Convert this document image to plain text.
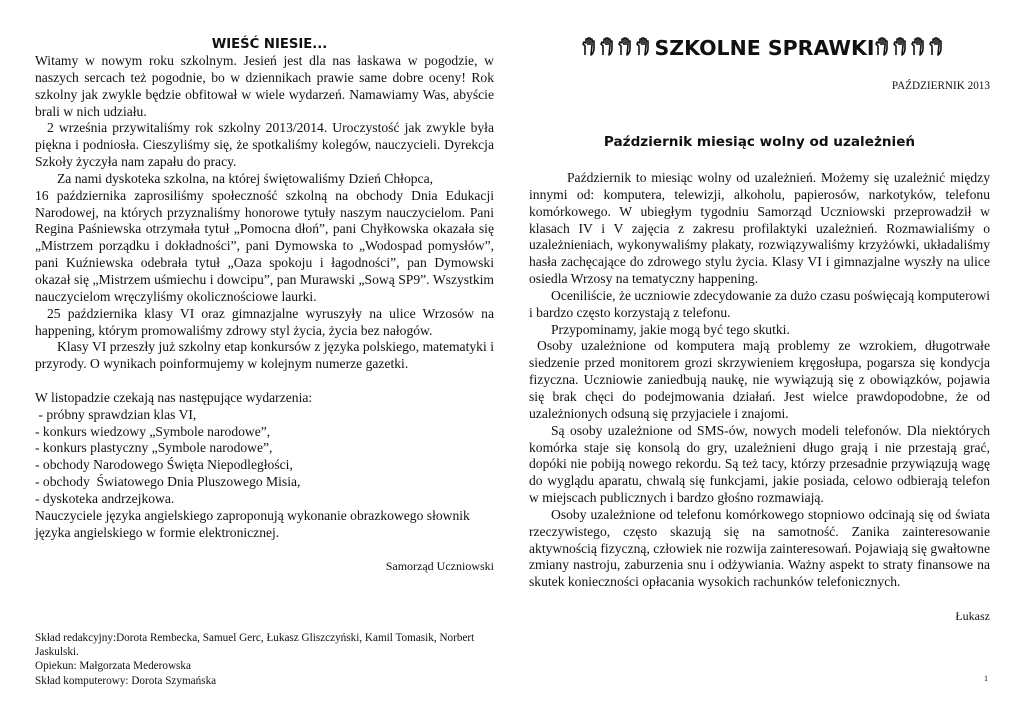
WIEŚĆ NIESIE...

Witamy w nowym roku szkolnym. Jesień jest dla nas łaskawa w pogodzie, w naszych sercach też pogodnie, bo w dziennikach prawie same dobre oceny! Rok szkolny jak zwykle będzie obfitował w wiele wydarzeń. Namawiamy Was, abyście brali w nich udziału.

2 września przywitaliśmy rok szkolny 2013/2014. Uroczystość jak zwykle była piękna i podniosła. Cieszyliśmy się, że spotkaliśmy kolegów, nauczycieli. Dyrekcja Szkoły życzyła nam zapału do pracy.

Za nami dyskoteka szkolna, na której świętowaliśmy Dzień Chłopca,

16 października zaprosiliśmy społeczność szkolną na obchody Dnia Edukacji Narodowej, na których przyznaliśmy honorowe tytuły naszym nauczycielom. Pani Regina Paśniewska otrzymała tytuł „Pomocna dłoń”, pani Chyłkowska okazała się „Mistrzem porządku i dokładności”, pani Dymowska to „Wodospad pomysłów”, pani Kuźniewska odebrała tytuł „Oaza spokoju i łagodności”, pan Dymowski okazał się „Mistrzem uśmiechu i dowcipu”, pan Murawski „Sową SP9”. Wszystkim nauczycielom wręczyliśmy okolicznościowe laurki.

25 października klasy VI oraz gimnazjalne wyruszyły na ulice Wrzosów na happening, którym promowaliśmy zdrowy styl życia, życia bez nałogów.

Klasy VI przeszły już szkolny etap konkursów z języka polskiego, matematyki i przyrody. O wynikach poinformujemy w kolejnym numerze gazetki.

W listopadzie czekają nas następujące wydarzenia:

- próbny sprawdzian klas VI,

- konkurs wiedzowy „Symbole narodowe”,

- konkurs plastyczny „Symbole narodowe”,

- obchody Narodowego Święta Niepodległości,

- obchody  Światowego Dnia Pluszowego Misia,

- dyskoteka andrzejkowa.

Nauczyciele języka angielskiego zaproponują wykonanie obrazkowego słownik języka angielskiego w formie elektronicznej.

Samorząd Uczniowski

Skład redakcyjny:Dorota Rembecka, Samuel Gerc, Łukasz Gliszczyński, Kamil Tomasik, Norbert Jaskulski.

Opiekun: Małgorzata Mederowska

Skład komputerowy: Dorota Szymańska

SZKOLNE SPRAWKI

PAŹDZIERNIK 2013

Październik miesiąc wolny od uzależnień

Październik to miesiąc wolny od uzależnień. Możemy się uzależnić między innymi od: komputera, telewizji, alkoholu, papierosów, narkotyków, telefonu komórkowego. W ubiegłym tygodniu Samorząd Uczniowski przeprowadził w klasach IV i V zajęcia z zakresu profilaktyki uzależnień. Rozmawialiśmy o uzależnieniach, wykonywaliśmy plakaty, rozwiązywaliśmy krzyżówki, układaliśmy hasła zachęcające do zdrowego stylu życia. Klasy VI i gimnazjalne wyszły na ulice osiedla Wrzosy na tematyczny happening.

Oceniliście, że uczniowie zdecydowanie za dużo czasu poświęcają komputerowi i bardzo często korzystają z telefonu.

Przypominamy, jakie mogą być tego skutki.

Osoby uzależnione od komputera mają problemy ze wzrokiem, długotrwałe siedzenie przed monitorem grozi skrzywieniem kręgosłupa, pogarsza się kondycja fizyczna. Uczniowie zaniedbują naukę, nie wywiązują się z obowiązków, pojawia się brak chęci do podejmowania działań. Jest wielce prawdopodobne, że od uzależnionych odsuną się przyjaciele i znajomi.

Są osoby uzależnione od SMS-ów, nowych modeli telefonów. Dla niektórych komórka staje się konsolą do gry, uzależnieni długo grają i nie przestają grać, dopóki nie pobiją nowego rekordu. Są też tacy, którzy przesadnie przywiązują wagę do wyglądu aparatu, chwalą się funkcjami, jakie posiada, celowo odbierają telefon w miejscach publicznych i bardzo głośno rozmawiają.

Osoby uzależnione od telefonu komórkowego stopniowo odcinają się od świata rzeczywistego, często skazują się na samotność. Zanika zainteresowanie aktywnością fizyczną, człowiek nie rozwija zainteresowań. Pojawiają się gwałtowne zmiany nastroju, zaburzenia snu i odżywiania. Ważny aspekt to straty finansowe na skutek konieczności opłacania wysokich rachunków telefonicznych.

Łukasz

1
